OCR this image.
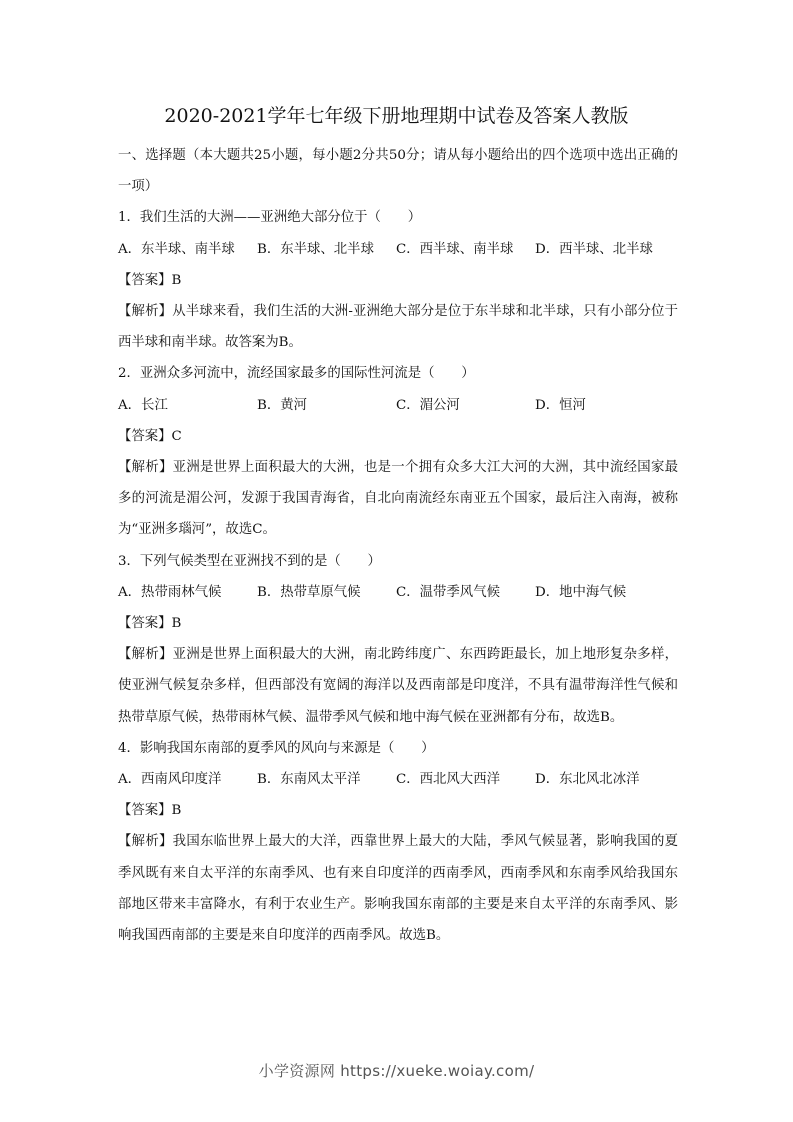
2020-2021学年七年级下册地理期中试卷及答案人教版

一、选择题（本大题共25小题，每小题2分共50分；请从每小题给出的四个选项中选出正确的一项）

1．我们生活的大洲——亚洲绝大部分位于（　　）

A．东半球、南半球	B．东半球、北半球	C．西半球、南半球	D．西半球、北半球

【答案】B

【解析】从半球来看，我们生活的大洲-亚洲绝大部分是位于东半球和北半球，只有小部分位于西半球和南半球。故答案为B。

2．亚洲众多河流中，流经国家最多的国际性河流是（　　）

A．长江	B．黄河	C．湄公河	D．恒河

【答案】C

【解析】亚洲是世界上面积最大的大洲，也是一个拥有众多大江大河的大洲，其中流经国家最多的河流是湄公河，发源于我国青海省，自北向南流经东南亚五个国家，最后注入南海，被称为“亚洲多瑙河”，故选C。

3．下列气候类型在亚洲找不到的是（　　）

A．热带雨林气候	B．热带草原气候	C．温带季风气候	D．地中海气候

【答案】B

【解析】亚洲是世界上面积最大的大洲，南北跨纬度广、东西跨距最长，加上地形复杂多样，使亚洲气候复杂多样，但西部没有宽阔的海洋以及西南部是印度洋，不具有温带海洋性气候和热带草原气候，热带雨林气候、温带季风气候和地中海气候在亚洲都有分布，故选B。

4．影响我国东南部的夏季风的风向与来源是（　　）

A．西南风印度洋	B．东南风太平洋	C．西北风大西洋	D．东北风北冰洋

【答案】B

【解析】我国东临世界上最大的大洋，西靠世界上最大的大陆，季风气候显著，影响我国的夏季风既有来自太平洋的东南季风、也有来自印度洋的西南季风，西南季风和东南季风给我国东部地区带来丰富降水，有利于农业生产。影响我国东南部的主要是来自太平洋的东南季风、影响我国西南部的主要是来自印度洋的西南季风。故选B。

小学资源网 https://xueke.woiay.com/
